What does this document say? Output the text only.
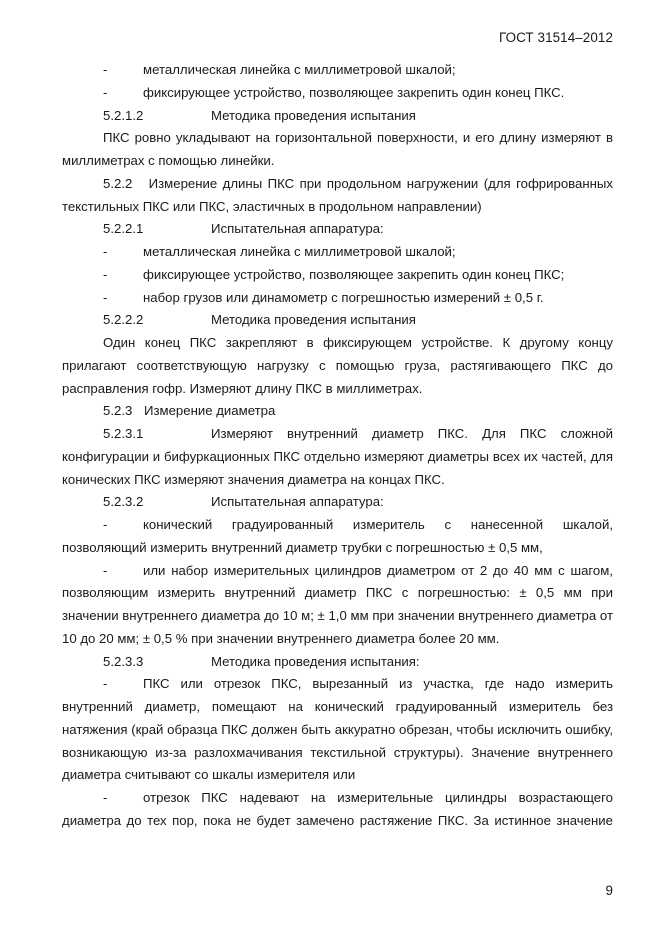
ГОСТ 31514–2012

-	металлическая линейка с миллиметровой шкалой;

-	фиксирующее устройство, позволяющее закрепить один конец ПКС.

5.2.1.2	Методика проведения испытания

ПКС ровно укладывают на горизонтальной поверхности, и его длину измеряют в миллиметрах с помощью линейки.

5.2.2 Измерение длины ПКС при продольном нагружении (для гофрированных текстильных ПКС или ПКС, эластичных в продольном направлении)
5.2.2.1	Испытательная аппаратура:

-	металлическая линейка с миллиметровой шкалой;

-	фиксирующее устройство, позволяющее закрепить один конец ПКС;

-	набор грузов или динамометр с погрешностью измерений ± 0,5 г.

5.2.2.2	Методика проведения испытания

Один конец ПКС закрепляют в фиксирующем устройстве. К другому концу прилагают соответствующую нагрузку с помощью груза, растягивающего ПКС до расправления гофр. Измеряют длину ПКС в миллиметрах.

5.2.3 Измерение диаметра
5.2.3.1	Измеряют внутренний диаметр ПКС. Для ПКС сложной конфигурации и бифуркационных ПКС отдельно измеряют диаметры всех их частей, для конических ПКС измеряют значения диаметра на концах ПКС.
5.2.3.2	Испытательная аппаратура:

-	конический градуированный измеритель с нанесенной шкалой, позволяющий измерить внутренний диаметр трубки с погрешностью ± 0,5 мм,

-	или набор измерительных цилиндров диаметром от 2 до 40 мм с шагом, позволяющим измерить внутренний диаметр ПКС с погрешностью: ± 0,5 мм при значении внутреннего диаметра до 10 м; ± 1,0 мм при значении внутреннего диаметра от 10 до 20 мм; ± 0,5 % при значении внутреннего диаметра более 20 мм.

5.2.3.3	Методика проведения испытания:

-	ПКС или отрезок ПКС, вырезанный из участка, где надо измерить внутренний диаметр, помещают на конический градуированный измеритель без натяжения (край образца ПКС должен быть аккуратно обрезан, чтобы исключить ошибку, возникающую из-за разлохмачивания текстильной структуры). Значение внутреннего диаметра считывают со шкалы измерителя или

-	отрезок ПКС надевают на измерительные цилиндры возрастающего диаметра до тех пор, пока не будет замечено растяжение ПКС. За истинное значение

9
